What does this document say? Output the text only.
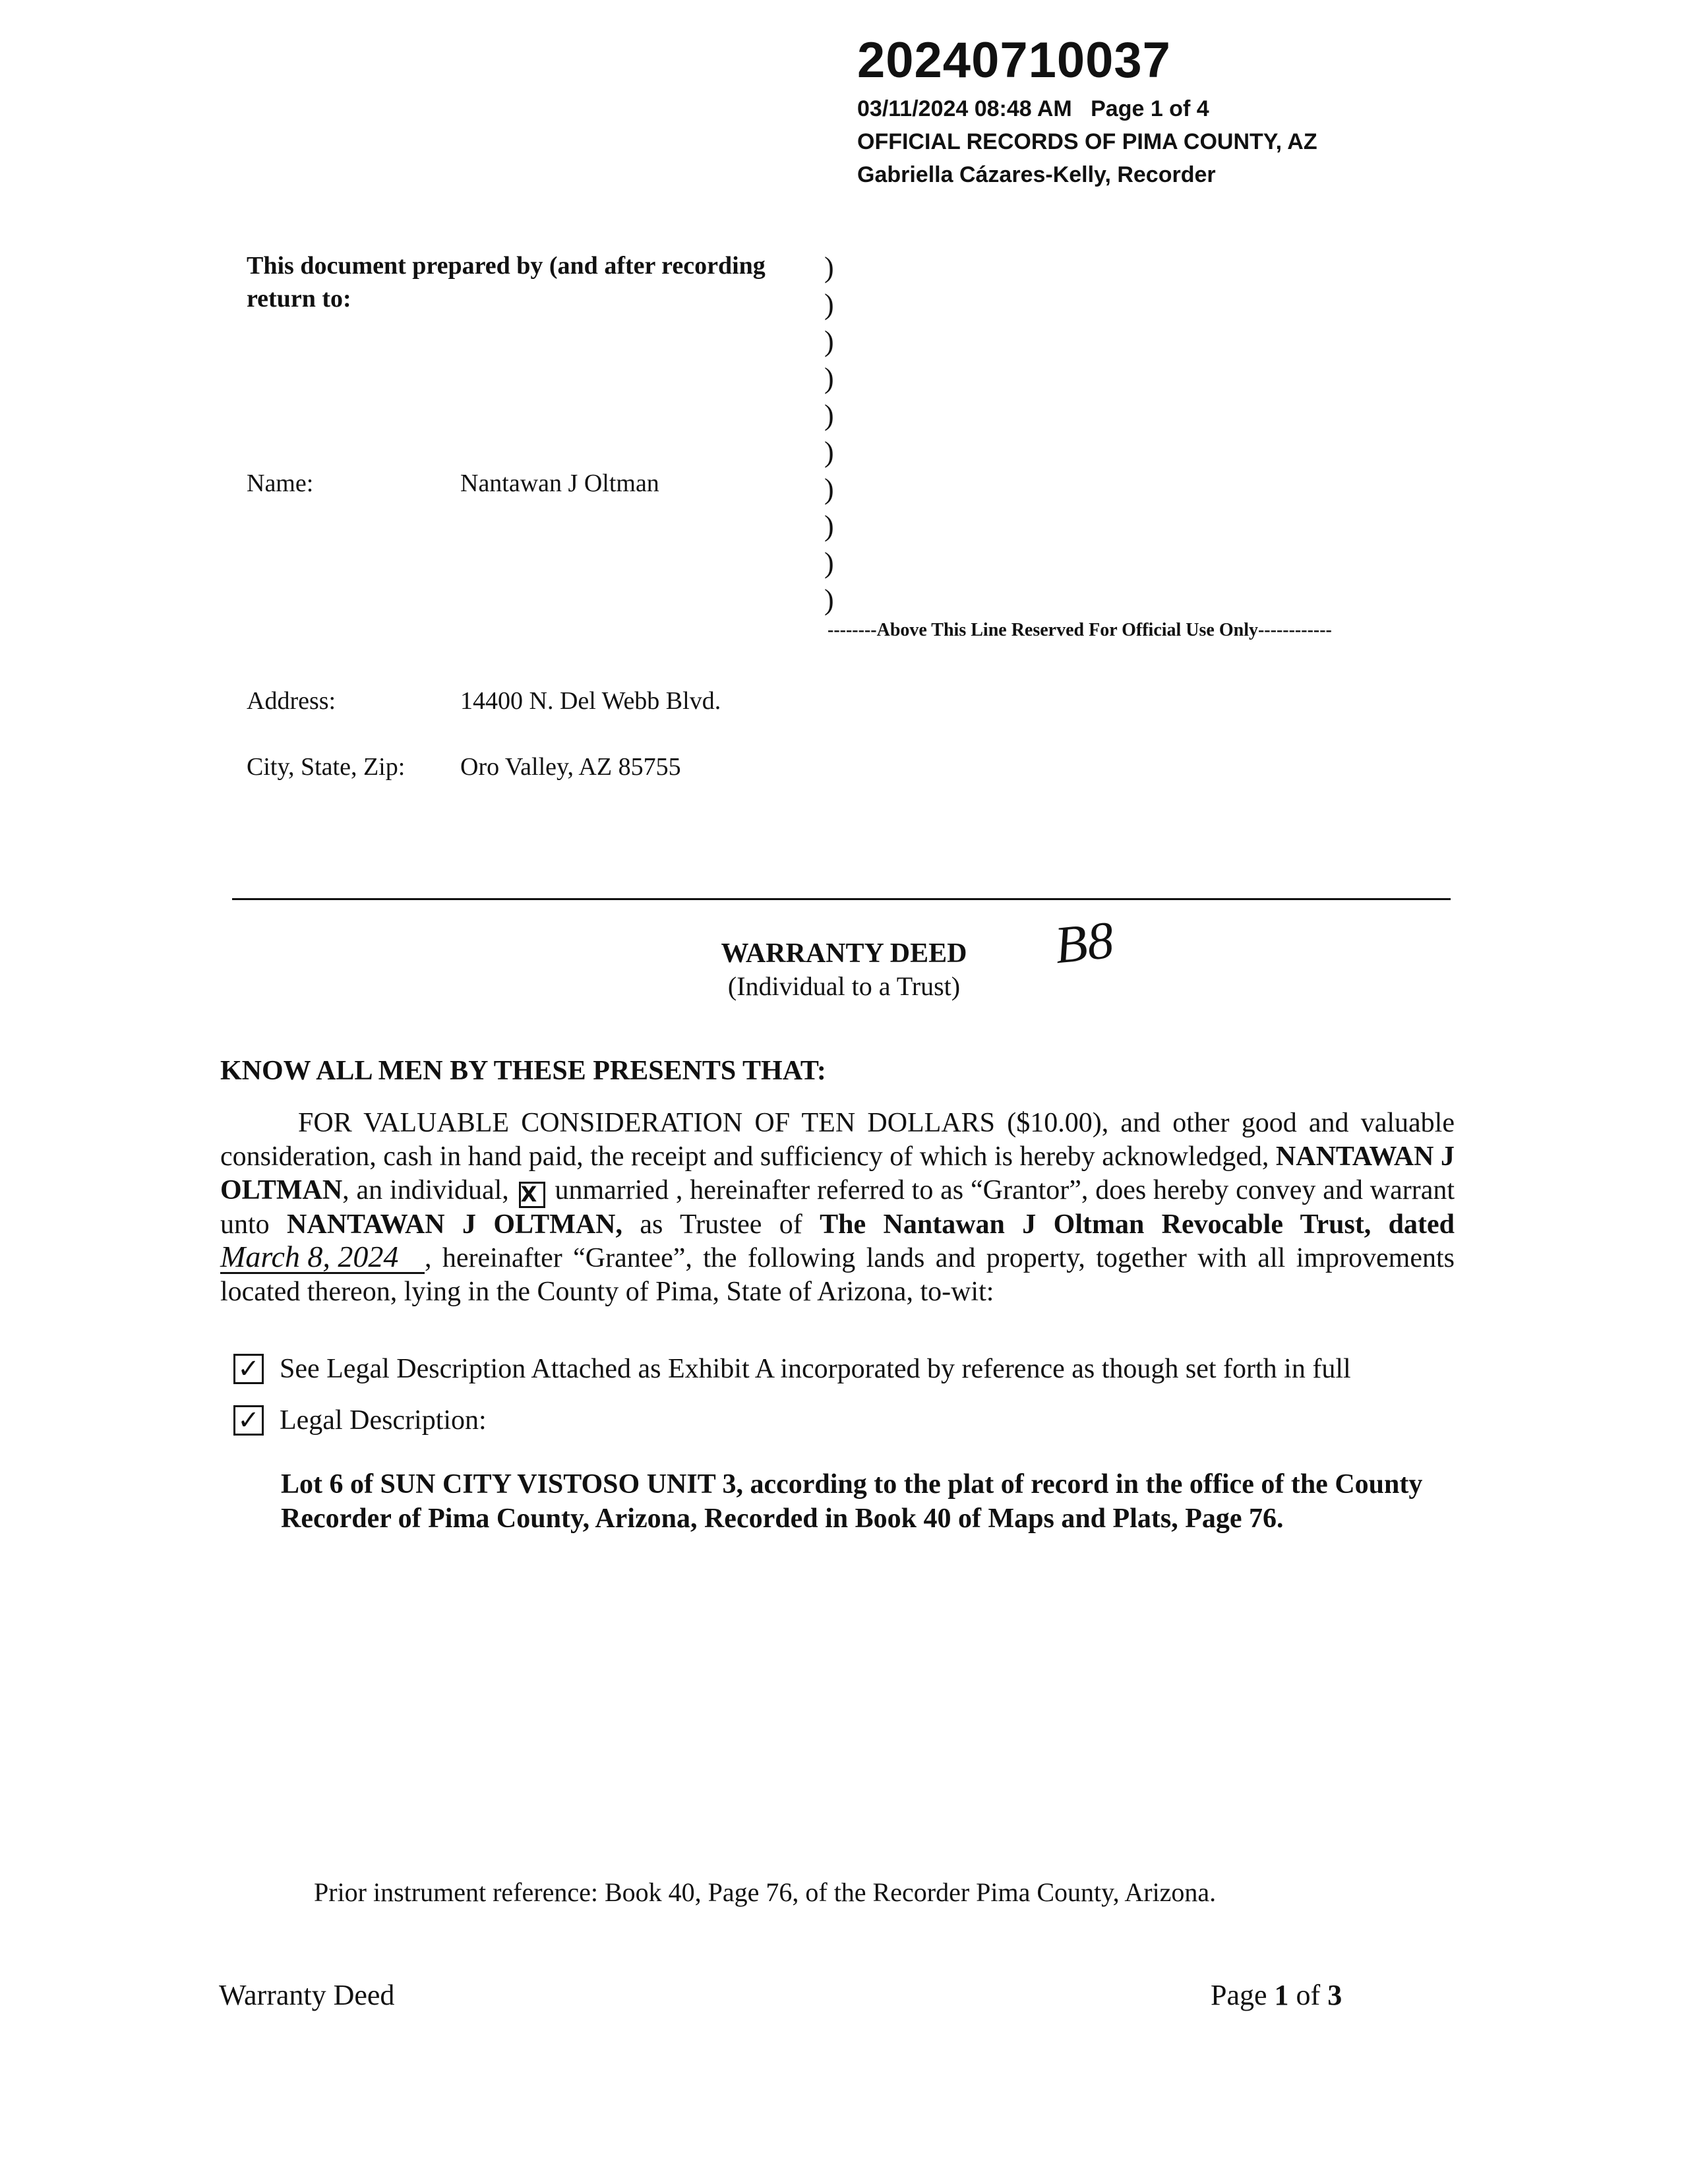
20240710037
03/11/2024 08:48 AM Page 1 of 4
OFFICIAL RECORDS OF PIMA COUNTY, AZ
Gabriella Cázares-Kelly, Recorder
This document prepared by (and after recording
return to:
)
)
)
)
)
)
)
)
)
)
Name:	Nantawan J Oltman
--------Above This Line Reserved For Official Use Only------------
Address:	14400 N. Del Webb Blvd.
City, State, Zip: Oro Valley, AZ 85755
WARRANTY DEED
(Individual to a Trust)
B8
KNOW ALL MEN BY THESE PRESENTS THAT:

FOR VALUABLE CONSIDERATION OF TEN DOLLARS ($10.00), and other good and valuable consideration, cash in hand paid, the receipt and sufficiency of which is hereby acknowledged, NANTAWAN J OLTMAN, an individual, X unmarried , hereinafter referred to as “Grantor”, does hereby convey and warrant unto NANTAWAN J OLTMAN, as Trustee of The Nantawan J Oltman Revocable Trust, dated March 8, 2024 , hereinafter “Grantee”, the following lands and property, together with all improvements located thereon, lying in the County of Pima, State of Arizona, to-wit:

✓ See Legal Description Attached as Exhibit A incorporated by reference as though set forth in full
✓ Legal Description:
Lot 6 of SUN CITY VISTOSO UNIT 3, according to the plat of record in the office of the County Recorder of Pima County, Arizona, Recorded in Book 40 of Maps and Plats, Page 76.
Prior instrument reference: Book 40, Page 76, of the Recorder Pima County, Arizona.
Warranty Deed	Page 1 of 3
